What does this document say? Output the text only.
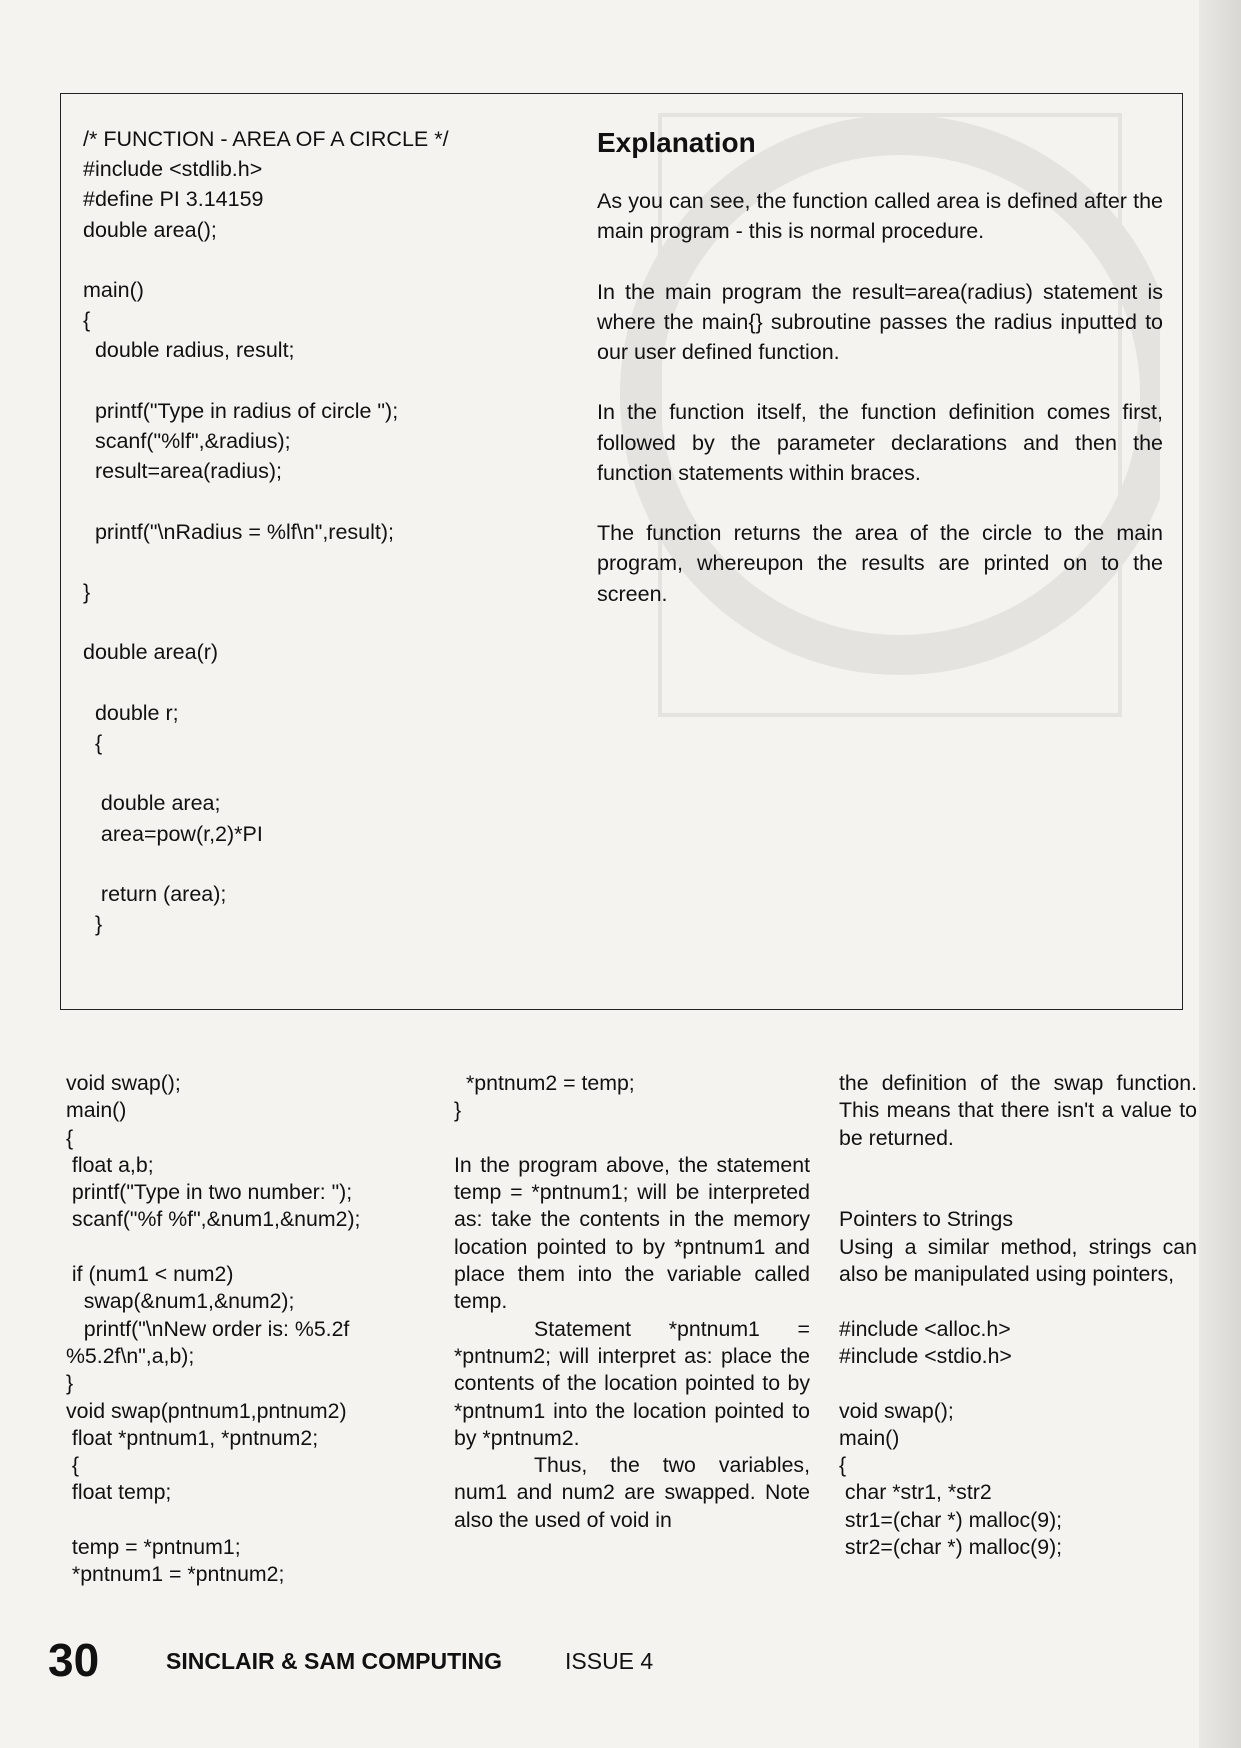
/* FUNCTION - AREA OF A CIRCLE */
#include <stdlib.h>
#define PI 3.14159
double area();

main()
{
double radius, result;

printf("Type in radius of circle ");
scanf("%lf",&radius);
result=area(radius);

printf("\nRadius = %lf\n",result);

}

double area(r)

double r;
{

double area;
area=pow(r,2)*PI

return (area);
}
Explanation

As you can see, the function called area is defined after the main program - this is normal procedure.

In the main program the result=area(radius) statement is where the main{} subroutine passes the radius inputted to our user defined function.

In the function itself, the function definition comes first, followed by the parameter declarations and then the function statements within braces.

The function returns the area of the circle to the main program, whereupon the results are printed on to the screen.

void swap();

main()

{

float a,b;

printf("Type in two number: ");

scanf("%f %f",&num1,&num2);

if (num1 < num2)

swap(&num1,&num2);

printf("\nNew order is: %5.2f

%5.2f\n",a,b);

}

void swap(pntnum1,pntnum2)

float *pntnum1, *pntnum2;

{

float temp;

temp = *pntnum1;

*pntnum1 = *pntnum2;

*pntnum2 = temp;

}

In the program above, the statement temp = *pntnum1; will be interpreted as: take the contents in the memory location pointed to by *pntnum1 and place them into the variable called temp.

Statement *pntnum1 = *pntnum2; will interpret as: place the contents of the location pointed to by *pntnum1 into the location pointed to by *pntnum2.

Thus, the two variables, num1 and num2 are swapped. Note also the used of void in

the definition of the swap function. This means that there isn't a value to be returned.

Pointers to Strings

Using a similar method, strings can also be manipulated using pointers,

#include <alloc.h>

#include <stdio.h>

void swap();

main()

{

char *str1, *str2

str1=(char *) malloc(9);

str2=(char *) malloc(9);

30	SINCLAIR & SAM COMPUTING	ISSUE 4
